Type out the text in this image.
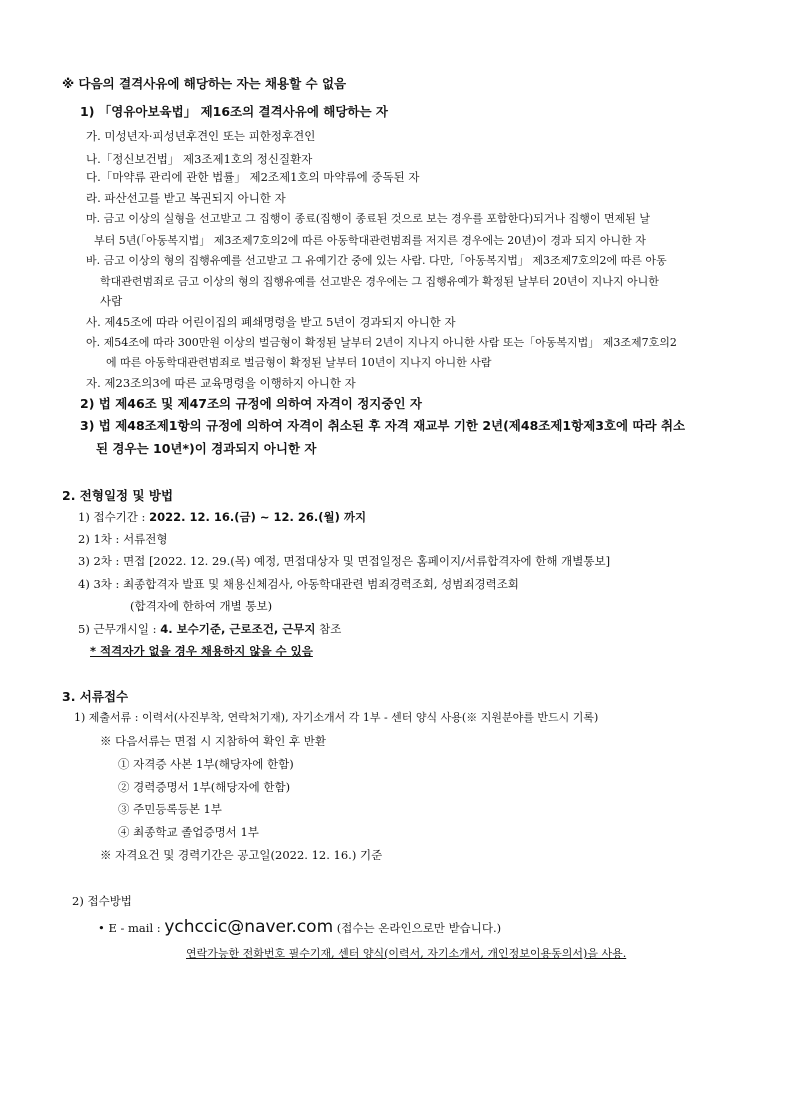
※ 다음의 결격사유에 해당하는 자는 채용할 수 없음
1) 「영유아보육법」 제16조의 결격사유에 해당하는 자
가. 미성년자·피성년후견인 또는 피한정후견인
나.「정신보건법」 제3조제1호의 정신질환자
다.「마약류 관리에 관한 법률」 제2조제1호의 마약류에 중독된 자
라. 파산선고를 받고 복권되지 아니한 자
마. 금고 이상의 실형을 선고받고 그 집행이 종료(집행이 종료된 것으로 보는 경우를 포함한다)되거나 집행이 면제된 날
부터 5년(「아동복지법」 제3조제7호의2에 따른 아동학대관련범죄를 저지른 경우에는 20년)이 경과 되지 아니한 자
바. 금고 이상의 형의 집행유예를 선고받고 그 유예기간 중에 있는 사람. 다만,「아동복지법」 제3조제7호의2에 따른 아동
학대관련범죄로 금고 이상의 형의 집행유예를 선고받은 경우에는 그 집행유예가 확정된 날부터 20년이 지나지 아니한
사람
사. 제45조에 따라 어린이집의 폐쇄명령을 받고 5년이 경과되지 아니한 자
아. 제54조에 따라 300만원 이상의 벌금형이 확정된 날부터 2년이 지나지 아니한 사람 또는「아동복지법」 제3조제7호의2
에 따른 아동학대관련범죄로 벌금형이 확정된 날부터 10년이 지나지 아니한 사람
자. 제23조의3에 따른 교육명령을 이행하지 아니한 자
2) 법 제46조 및 제47조의 규정에 의하여 자격이 정지중인 자
3) 법 제48조제1항의 규정에 의하여 자격이 취소된 후 자격 재교부 기한 2년(제48조제1항제3호에 따라 취소
된 경우는 10년*)이 경과되지 아니한 자
2. 전형일정 및 방법
1) 접수기간 : 2022. 12. 16.(금) ~ 12. 26.(월) 까지
2) 1차 : 서류전형
3) 2차 : 면접 [2022. 12. 29.(목) 예정, 면접대상자 및 면접일정은 홈페이지/서류합격자에 한해 개별통보]
4) 3차 : 최종합격자 발표 및 채용신체검사, 아동학대관련 범죄경력조회, 성범죄경력조회
(합격자에 한하여 개별 통보)
5) 근무개시일 : 4. 보수기준, 근로조건, 근무지 참조
* 적격자가 없을 경우 채용하지 않을 수 있음
3. 서류접수
1) 제출서류 : 이력서(사진부착, 연락처기재), 자기소개서 각 1부 - 센터 양식 사용(※ 지원분야를 반드시 기록)
※ 다음서류는 면접 시 지참하여 확인 후 반환
① 자격증 사본 1부(해당자에 한함)
② 경력증명서 1부(해당자에 한함)
③ 주민등록등본 1부
④ 최종학교 졸업증명서 1부
※ 자격요건 및 경력기간은 공고일(2022. 12. 16.) 기준
2) 접수방법
• E - mail : ychccic@naver.com (접수는 온라인으로만 받습니다.)
연락가능한 전화번호 필수기재, 센터 양식(이력서, 자기소개서, 개인정보이용동의서)을 사용.
